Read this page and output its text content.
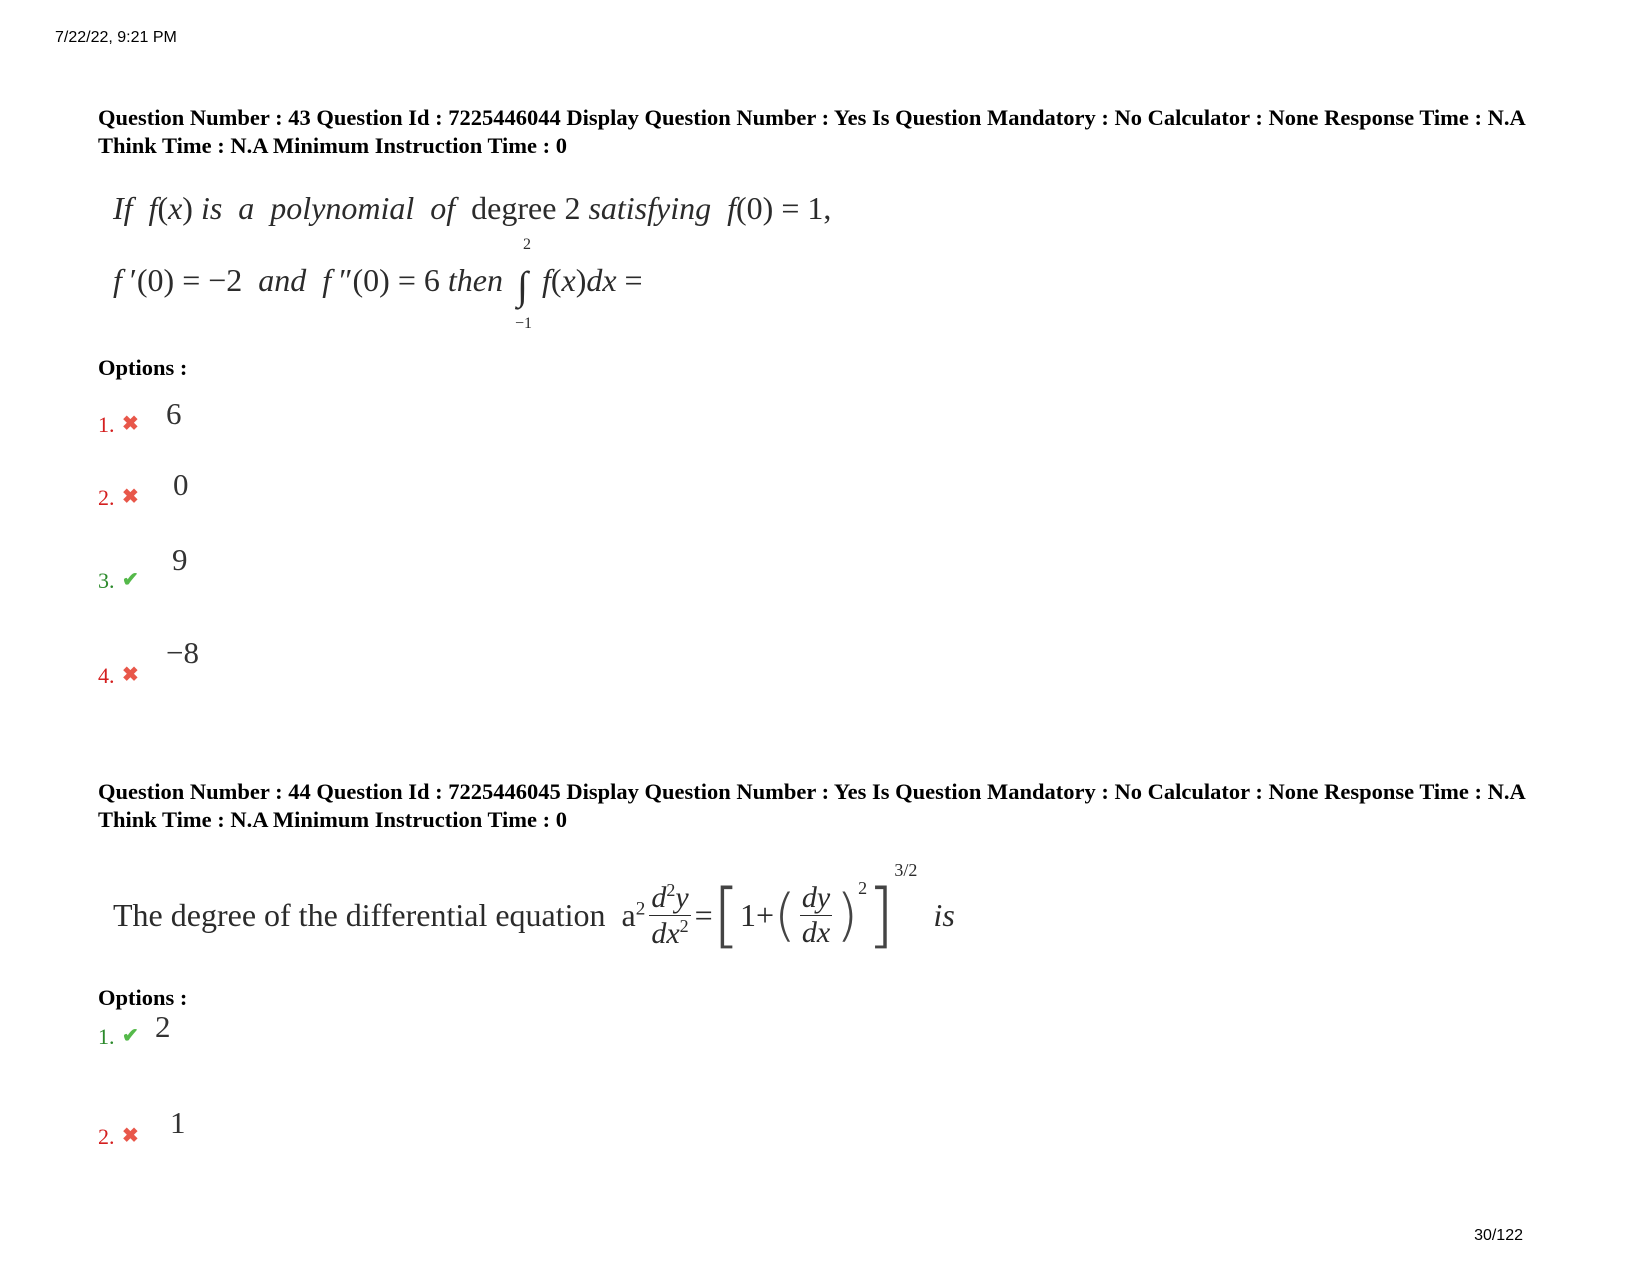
7/22/22, 9:21 PM
Question Number : 43 Question Id : 7225446044 Display Question Number : Yes Is Question Mandatory : No Calculator : None Response Time : N.A Think Time : N.A Minimum Instruction Time : 0
If  f(x) is  a  polynomial  of  degree 2 satisfying  f(0) = 1,
f ′(0) = −2  and  f ″(0) = 6 then ∫
2
−1
f(x)dx =
Options :
1. ✖ 6
2. ✖ 0
3. ✔
9
4. ✖
−8
Question Number : 44 Question Id : 7225446045 Display Question Number : Yes Is Question Mandatory : No Calculator : None Response Time : N.A Think Time : N.A Minimum Instruction Time : 0
The degree of the differential equation  $a^2 \frac{d^2y}{dx^2}$ = [ 1+ ( $\frac{dy}{dx}$ ) 2 ]
3/2
is
Options :
1. ✔ 2
2. ✖ 1
30/122
